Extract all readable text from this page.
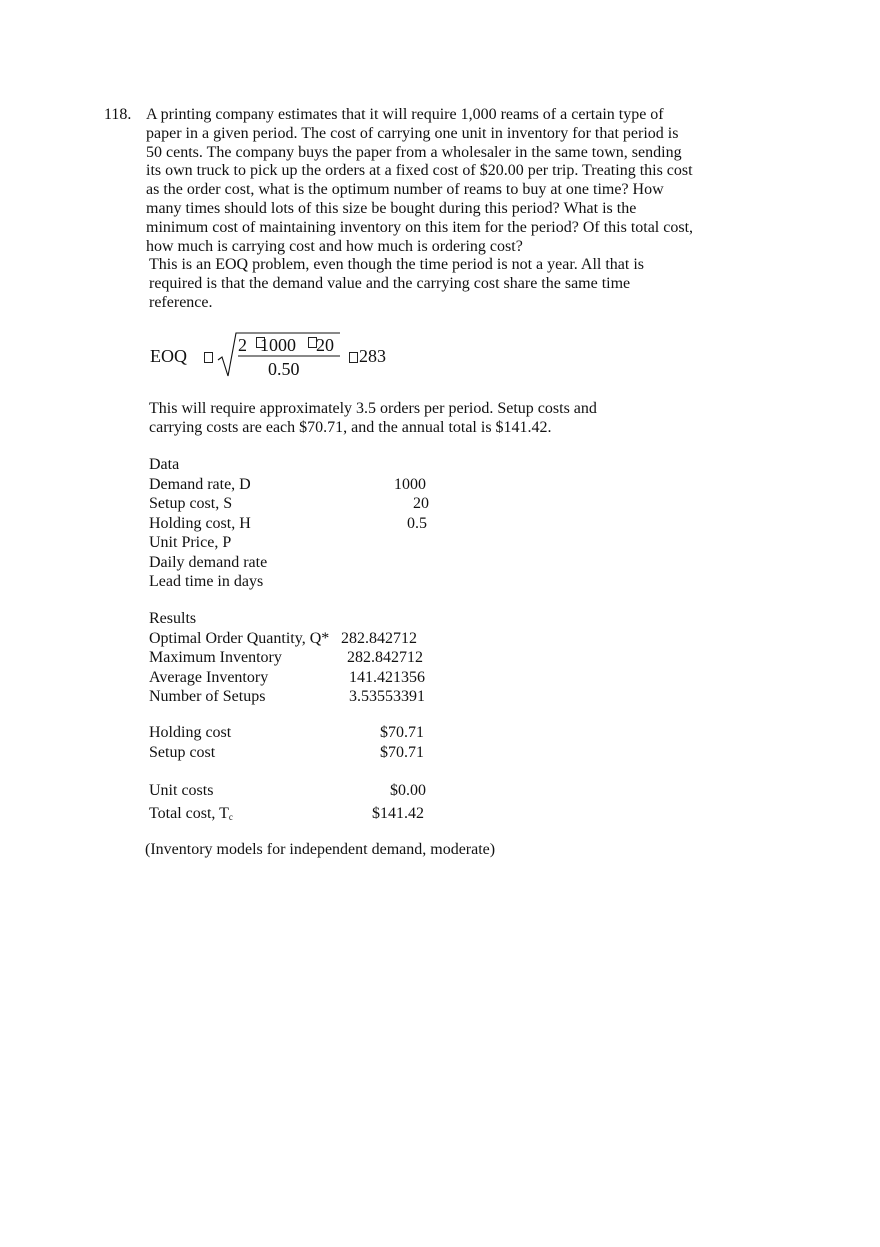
118. A printing company estimates that it will require 1,000 reams of a certain type of
paper in a given period. The cost of carrying one unit in inventory for that period is
50 cents. The company buys the paper from a wholesaler in the same town, sending
its own truck to pick up the orders at a fixed cost of $20.00 per trip. Treating this cost
as the order cost, what is the optimum number of reams to buy at one time? How
many times should lots of this size be bought during this period? What is the
minimum cost of maintaining inventory on this item for the period? Of this total cost,
how much is carrying cost and how much is ordering cost?
This is an EOQ problem, even though the time period is not a year. All that is
required is that the demand value and the carrying cost share the same time
reference.
EOQ
2 1000 20
0.50
283
This will require approximately 3.5 orders per period. Setup costs and
carrying costs are each $70.71, and the annual total is $141.42.
Data
Demand rate, D	1000
Setup cost, S	20
Holding cost, H	0.5
Unit Price, P
Daily demand rate
Lead time in days
Results
Optimal Order Quantity, Q* 282.842712
Maximum Inventory	282.842712
Average Inventory	141.421356
Number of Setups	3.53553391
Holding cost	$70.71
Setup cost	$70.71
Unit costs	$0.00
Total cost, $T_c$	$141.42
(Inventory models for independent demand, moderate)
